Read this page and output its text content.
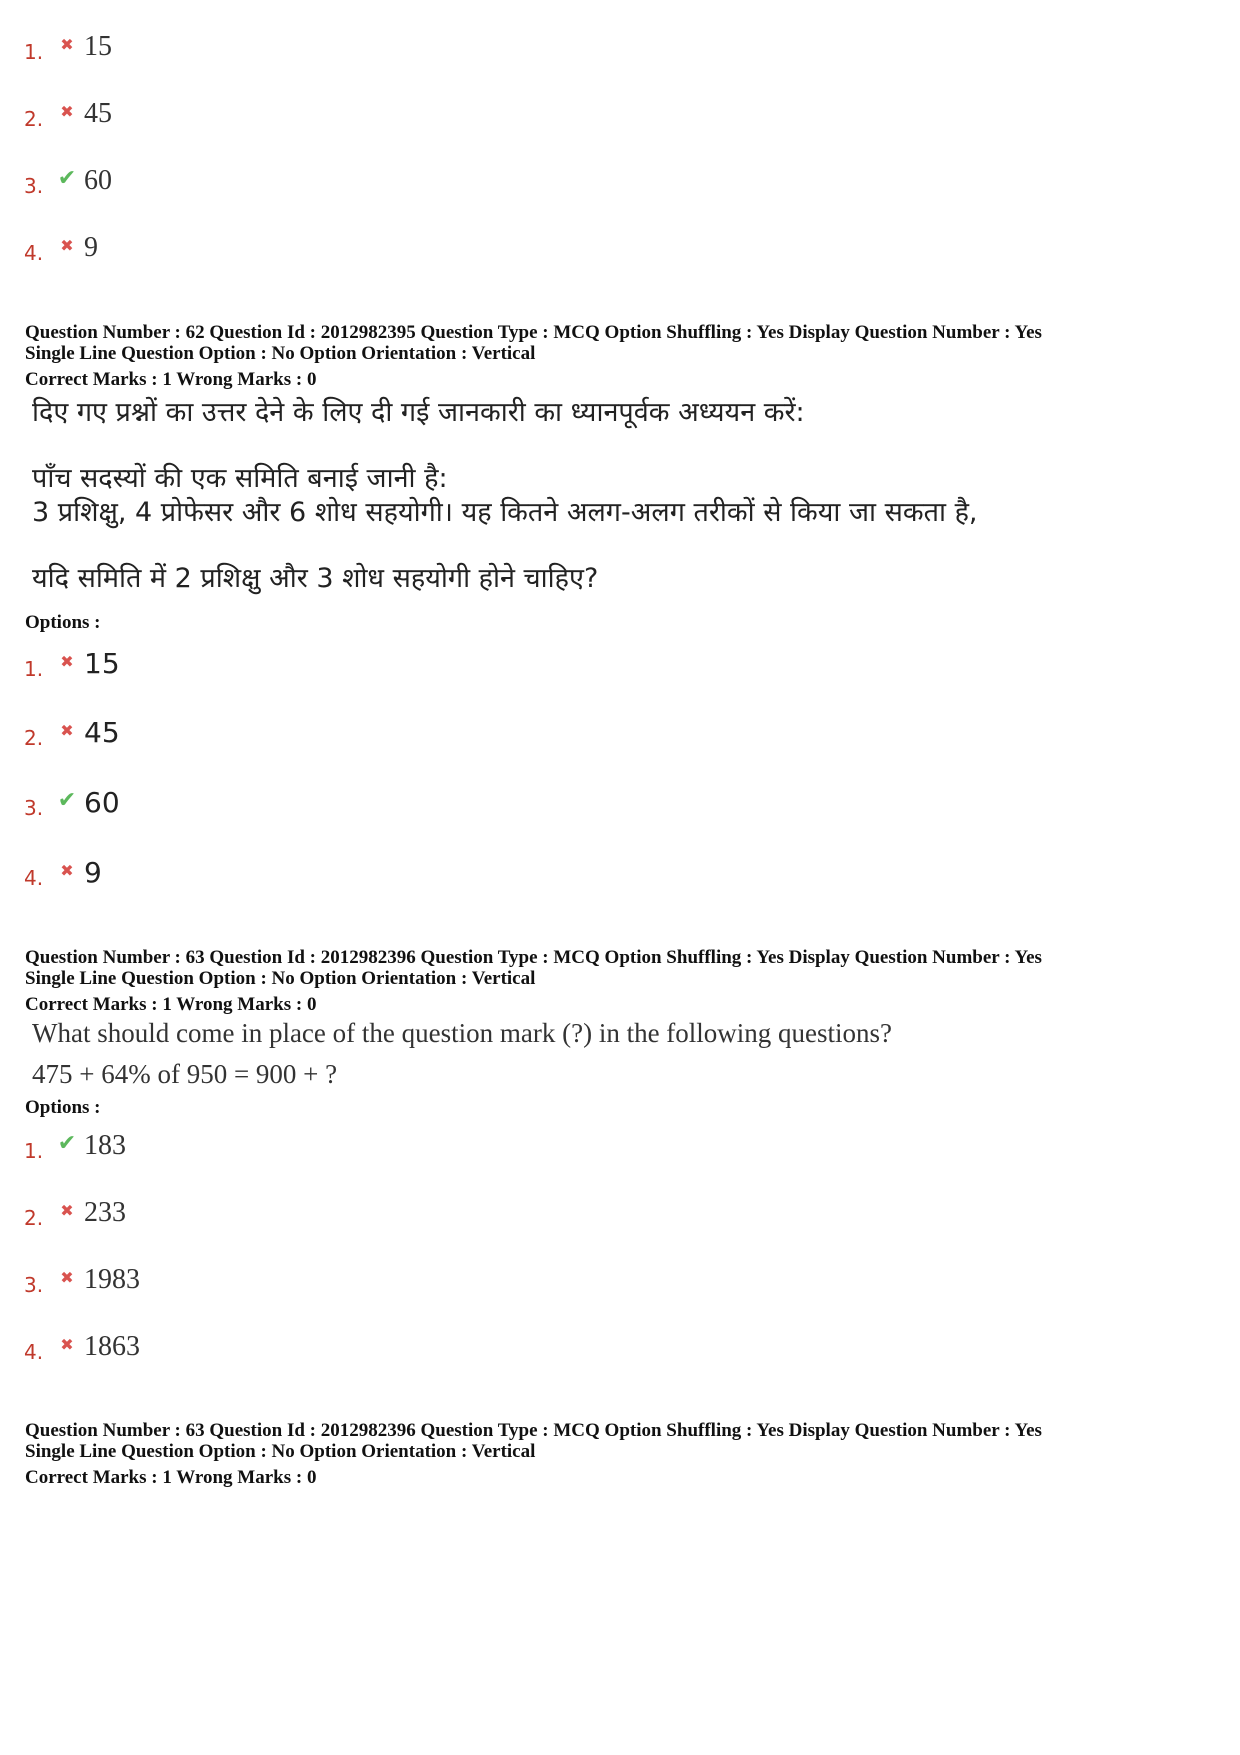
1.	✖ 15
2.	✖ 45
3. ✔ 60
4.	✖ 9
Question Number : 62 Question Id : 2012982395 Question Type : MCQ Option Shuffling : Yes Display Question Number : Yes
Single Line Question Option : No Option Orientation : Vertical
Correct Marks : 1 Wrong Marks : 0
दिए गए प्रश्नों का उत्तर देने के लिए दी गई जानकारी का ध्यानपूर्वक अध्ययन करें:
पाँच सदस्यों की एक समिति बनाई जानी है:
3 प्रशिक्षु, 4 प्रोफेसर और 6 शोध सहयोगी। यह कितने अलग-अलग तरीकों से किया जा सकता है,
यदि समिति में 2 प्रशिक्षु और 3 शोध सहयोगी होने चाहिए?
Options :
1.	✖ 15
2.	✖ 45
3. ✔ 60
4.	✖ 9
Question Number : 63 Question Id : 2012982396 Question Type : MCQ Option Shuffling : Yes Display Question Number : Yes
Single Line Question Option : No Option Orientation : Vertical
Correct Marks : 1 Wrong Marks : 0
What should come in place of the question mark (?) in the following questions?
475 + 64% of 950 = 900 + ?
Options :
1. ✔ 183
2.	✖ 233
3.	✖ 1983
4.	✖ 1863
Question Number : 63 Question Id : 2012982396 Question Type : MCQ Option Shuffling : Yes Display Question Number : Yes
Single Line Question Option : No Option Orientation : Vertical
Correct Marks : 1 Wrong Marks : 0
